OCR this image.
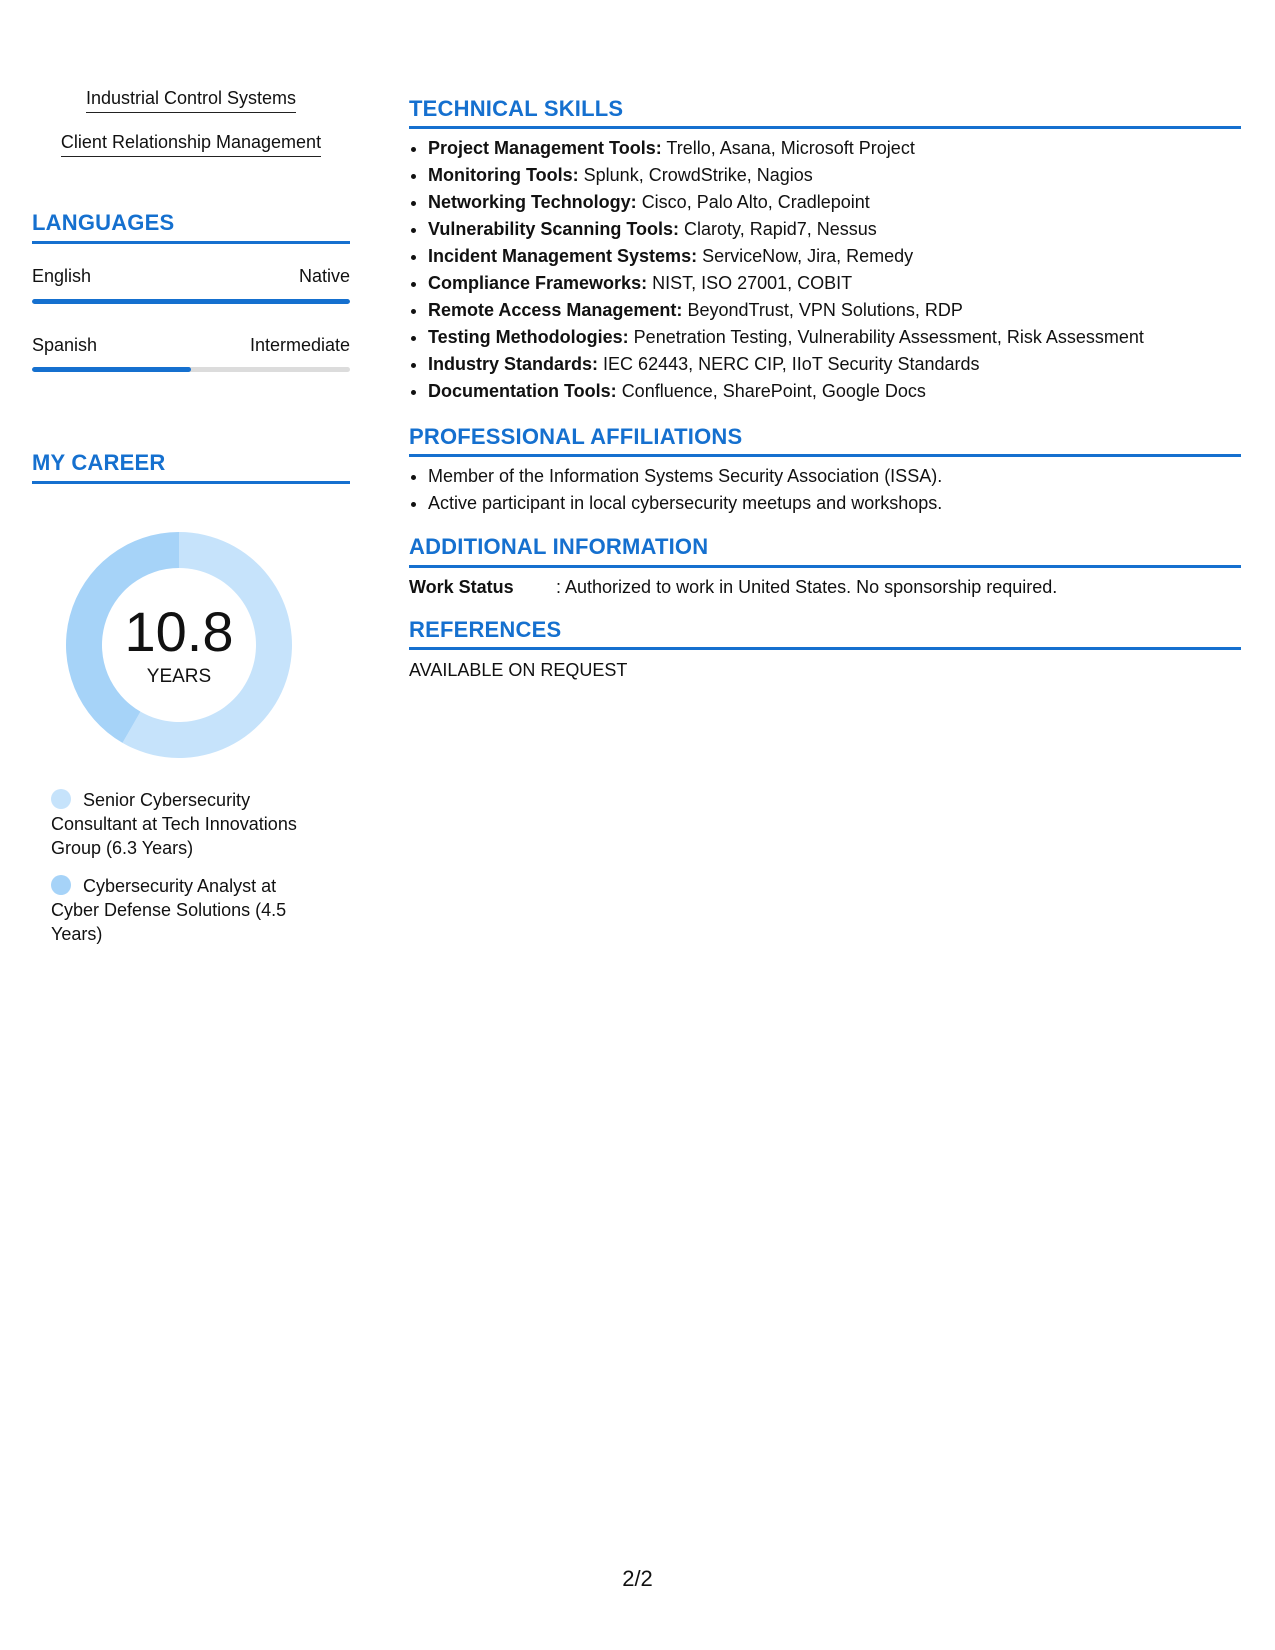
Industrial Control Systems
Client Relationship Management
LANGUAGES
English	Native
Spanish	Intermediate
MY CAREER
10.8
YEARS
Senior Cybersecurity Consultant at Tech Innovations Group (6.3 Years)
Cybersecurity Analyst at Cyber Defense Solutions (4.5 Years)
TECHNICAL SKILLS
• Project Management Tools: Trello, Asana, Microsoft Project
• Monitoring Tools: Splunk, CrowdStrike, Nagios
• Networking Technology: Cisco, Palo Alto, Cradlepoint
• Vulnerability Scanning Tools: Claroty, Rapid7, Nessus
• Incident Management Systems: ServiceNow, Jira, Remedy
• Compliance Frameworks: NIST, ISO 27001, COBIT
• Remote Access Management: BeyondTrust, VPN Solutions, RDP
• Testing Methodologies: Penetration Testing, Vulnerability Assessment, Risk Assessment
• Industry Standards: IEC 62443, NERC CIP, IIoT Security Standards
• Documentation Tools: Confluence, SharePoint, Google Docs
PROFESSIONAL AFFILIATIONS
• Member of the Information Systems Security Association (ISSA).
• Active participant in local cybersecurity meetups and workshops.
ADDITIONAL INFORMATION
Work Status : Authorized to work in United States. No sponsorship required.
REFERENCES
AVAILABLE ON REQUEST
2/2
